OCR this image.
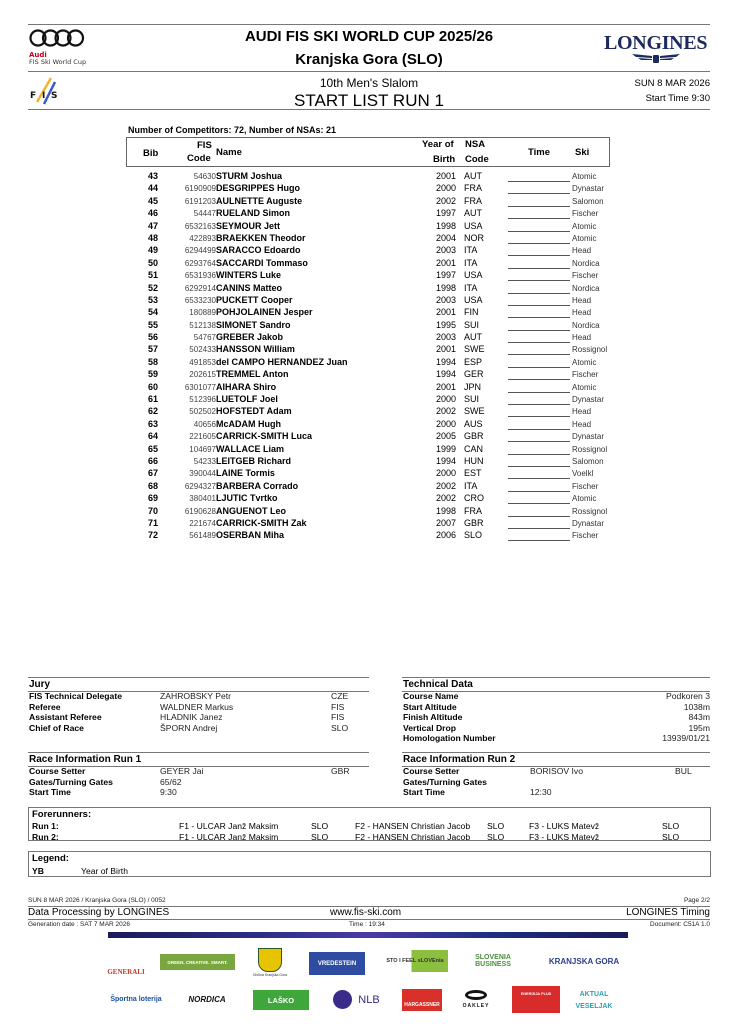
Audi
FIS Ski World Cup
AUDI FIS SKI WORLD CUP 2025/26
Kranjska Gora (SLO)
LONGINES
F I S
10th Men's Slalom
START LIST RUN 1
SUN 8 MAR 2026
Start Time 9:30
Number of Competitors: 72, Number of NSAs: 21
Bib
FIS
Code
Name
Year of
Birth
NSA
Code
Time	Ski
43	54630 STURM Joshua	2001 AUT	Atomic
44	6190909 DESGRIPPES Hugo	2000 FRA	Dynastar
45	6191203 AULNETTE Auguste	2002 FRA	Salomon
46	54447 RUELAND Simon	1997 AUT	Fischer
47	6532163 SEYMOUR Jett	1998 USA	Atomic
48	422893 BRAEKKEN Theodor	2004 NOR	Atomic
49	6294499 SARACCO Edoardo	2003 ITA	Head
50	6293764 SACCARDI Tommaso	2001 ITA	Nordica
51	6531936 WINTERS Luke	1997 USA	Fischer
52	6292914 CANINS Matteo	1998 ITA	Nordica
53	6533230 PUCKETT Cooper	2003 USA	Head
54	180889 POHJOLAINEN Jesper	2001 FIN	Head
55	512138 SIMONET Sandro	1995 SUI	Nordica
56	54767 GREBER Jakob	2003 AUT	Head
57	502433 HANSSON William	2001 SWE	Rossignol
58	491853 del CAMPO HERNANDEZ Juan	1994 ESP	Atomic
59	202615 TREMMEL Anton	1994 GER	Fischer
60	6301077 AIHARA Shiro	2001 JPN	Atomic
61	512396 LUETOLF Joel	2000 SUI	Dynastar
62	502502 HOFSTEDT Adam	2002 SWE	Head
63	40656 McADAM Hugh	2000 AUS	Head
64	221605 CARRICK-SMITH Luca	2005 GBR	Dynastar
65	104697 WALLACE Liam	1999 CAN	Rossignol
66	54233 LEITGEB Richard	1994 HUN	Salomon
67	390044 LAINE Tormis	2000 EST	Voelkl
68	6294327 BARBERA Corrado	2002 ITA	Fischer
69	380401 LJUTIC Tvrtko	2002 CRO	Atomic
70	6190628 ANGUENOT Leo	1998 FRA	Rossignol
71	221674 CARRICK-SMITH Zak	2007 GBR	Dynastar
72	561489 OSERBAN Miha	2006 SLO	Fischer
Jury
FIS Technical Delegate	ZAHROBSKY Petr	CZE
Referee	WALDNER Markus	FIS
Assistant Referee	HLADNIK Janez	FIS
Chief of Race	ŠPORN Andrej	SLO
Technical Data
Course Name	Podkoren 3
Start Altitude	1038m
Finish Altitude	843m
Vertical Drop	195m
Homologation Number	13939/01/21
Race Information Run 1
Course Setter	GEYER Jai	GBR
Gates/Turning Gates	65/62
Start Time	9:30
Race Information Run 2
Course Setter	BORISOV Ivo	BUL
Gates/Turning Gates
Start Time	12:30
Forerunners:
Run 1:	F1 - ULCAR Janž Maksim	SLO	F2 - HANSEN Christian Jacob SLO	F3 - LUKS Matevž	SLO
Run 2:	F1 - ULCAR Janž Maksim	SLO	F2 - HANSEN Christian Jacob SLO	F3 - LUKS Matevž	SLO
Legend:
YB	Year of Birth
SUN 8 MAR 2026 / Kranjska Gora (SLO) / 0052	Page 2/2
Data Processing by LONGINES	www.fis-ski.com	LONGINES Timing
Generation date : SAT 7 MAR 2026	Time : 19:34	Document: C51A 1.0
GENERALI
GREEN. CREATIVE. SMART.
Občina Kranjska Gora
VREDESTEIN	STO I FEEL sLOVEnia	SLOVENIA BUSINESS	KRANJSKA GORA
Športna loterija	NORDICA	LAŠKO	NLB	HARGASSNER	OAKLEY
ENERGIJA PLUS	AKTUAL VESELJAK
